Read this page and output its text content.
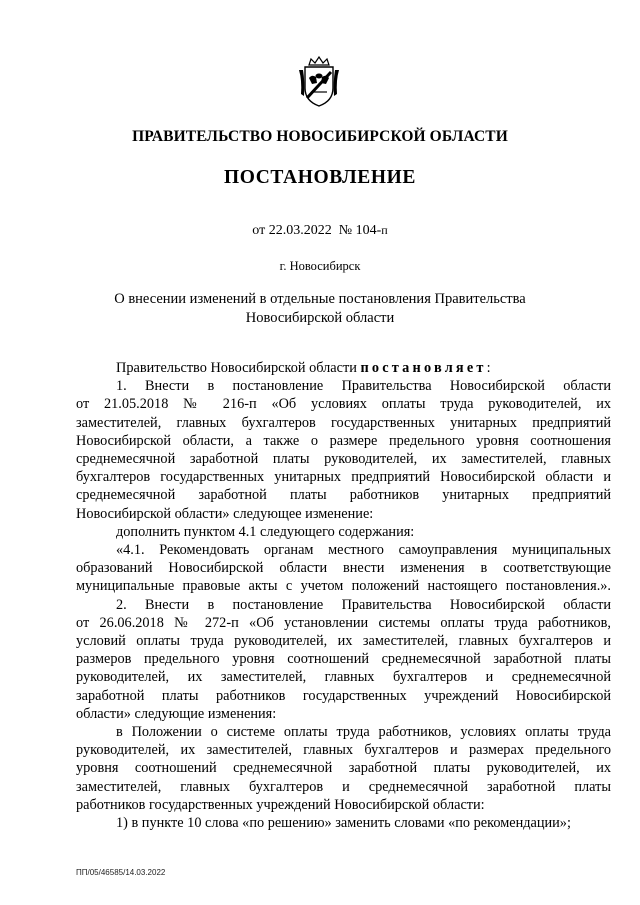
ПРАВИТЕЛЬСТВО НОВОСИБИРСКОЙ ОБЛАСТИ
ПОСТАНОВЛЕНИЕ
от 22.03.2022 № 104-п
г. Новосибирск
О внесении изменений в отдельные постановления Правительства
Новосибирской области

Правительство Новосибирской области постановляет:

1. Внести в постановление Правительства Новосибирской области

от 21.05.2018 № 216-п «Об условиях оплаты труда руководителей, их

заместителей, главных бухгалтеров государственных унитарных предприятий

Новосибирской области, а также о размере предельного уровня соотношения

среднемесячной заработной платы руководителей, их заместителей, главных

бухгалтеров государственных унитарных предприятий Новосибирской области и

среднемесячной заработной платы работников унитарных предприятий

Новосибирской области» следующее изменение:

дополнить пунктом 4.1 следующего содержания:

«4.1. Рекомендовать органам местного самоуправления муниципальных

образований Новосибирской области внести изменения в соответствующие

муниципальные правовые акты с учетом положений настоящего постановления.».

2. Внести в постановление Правительства Новосибирской области

от 26.06.2018 № 272-п «Об установлении системы оплаты труда работников,

условий оплаты труда руководителей, их заместителей, главных бухгалтеров и

размеров предельного уровня соотношений среднемесячной заработной платы

руководителей, их заместителей, главных бухгалтеров и среднемесячной

заработной платы работников государственных учреждений Новосибирской

области» следующие изменения:

в Положении о системе оплаты труда работников, условиях оплаты труда

руководителей, их заместителей, главных бухгалтеров и размерах предельного

уровня соотношений среднемесячной заработной платы руководителей, их

заместителей, главных бухгалтеров и среднемесячной заработной платы

работников государственных учреждений Новосибирской области:

1) в пункте 10 слова «по решению» заменить словами «по рекомендации»;

ПП/05/46585/14.03.2022
